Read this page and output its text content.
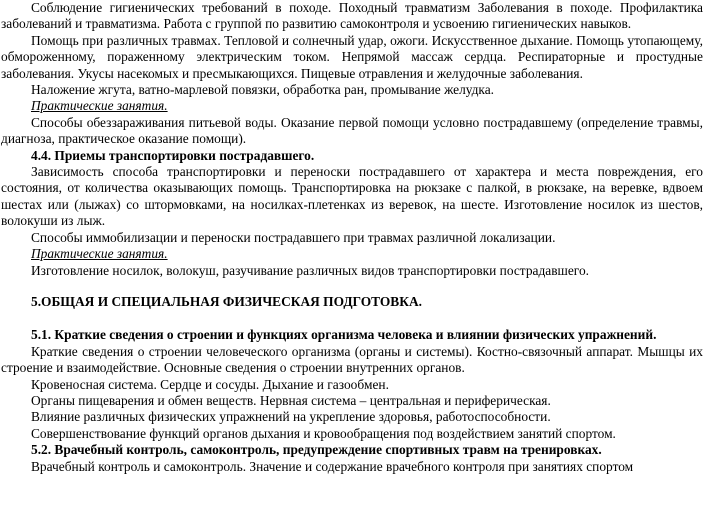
Соблюдение гигиенических требований в походе. Походный травматизм Заболевания в походе. Профилактика заболеваний и травматизма. Работа с группой по развитию самоконтроля и усвоению гигиенических навыков.

Помощь при различных травмах. Тепловой и солнечный удар, ожоги. Искусственное дыхание. Помощь утопающему, обмороженному, пораженному электрическим током. Непрямой массаж сердца. Респираторные и простудные заболевания. Укусы насекомых и пресмыкающихся. Пищевые отравления и желудочные заболевания.

Наложение жгута, ватно-марлевой повязки, обработка ран, промывание желудка.

Практические занятия.

Способы обеззараживания питьевой воды. Оказание первой помощи условно пострадавшему (определение травмы, диагноза, практическое оказание помощи).

4.4. Приемы транспортировки пострадавшего.

Зависимость способа транспортировки и переноски пострадавшего от характера и места повреждения, его состояния, от количества оказывающих помощь. Транспортировка на рюкзаке с палкой, в рюкзаке, на веревке, вдвоем шестах или (лыжах) со штормовками, на носилках-плетенках из веревок, на шесте. Изготовление носилок из шестов, волокуши из лыж.

Способы иммобилизации и переноски пострадавшего при травмах различной локализации.

Практические занятия.

Изготовление носилок, волокуш, разучивание различных видов транспортировки пострадавшего.

5.ОБЩАЯ И СПЕЦИАЛЬНАЯ ФИЗИЧЕСКАЯ ПОДГОТОВКА.

5.1. Краткие сведения о строении и функциях организма человека и влиянии физических упражнений.

Краткие сведения о строении человеческого организма (органы и системы). Костно-связочный аппарат. Мышцы их строение и взаимодействие. Основные сведения о строении внутренних органов.

Кровеносная система. Сердце и сосуды. Дыхание и газообмен.

Органы пищеварения и обмен веществ. Нервная система – центральная и периферическая.

Влияние различных физических упражнений на укрепление здоровья, работоспособности.

Совершенствование функций органов дыхания и кровообращения под воздействием занятий спортом.

5.2. Врачебный контроль, самоконтроль, предупреждение спортивных травм на тренировках.

Врачебный контроль и самоконтроль. Значение и содержание врачебного контроля при занятиях спортом
